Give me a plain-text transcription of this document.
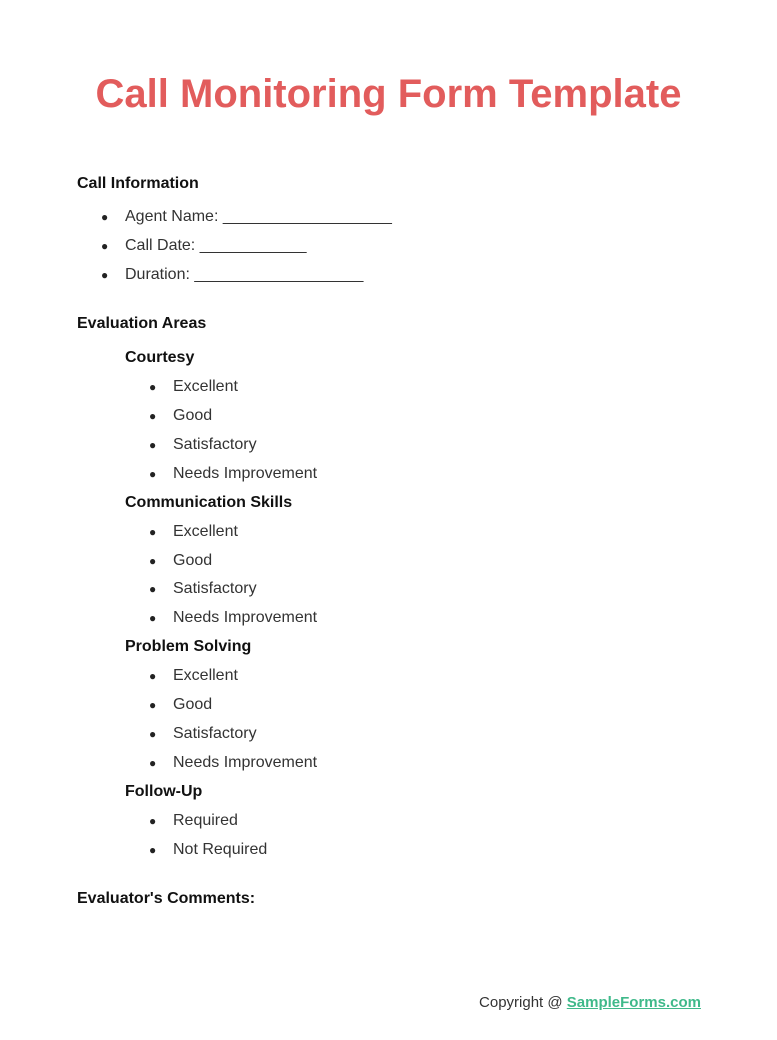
Call Monitoring Form Template
Call Information
● Agent Name: ___________________
● Call Date: ____________
● Duration: ___________________
Evaluation Areas
Courtesy
● Excellent
● Good
● Satisfactory
● Needs Improvement
Communication Skills
● Excellent
● Good
● Satisfactory
● Needs Improvement
Problem Solving
● Excellent
● Good
● Satisfactory
● Needs Improvement
Follow-Up
● Required
● Not Required
Evaluator's Comments:
Copyright @ SampleForms.com
